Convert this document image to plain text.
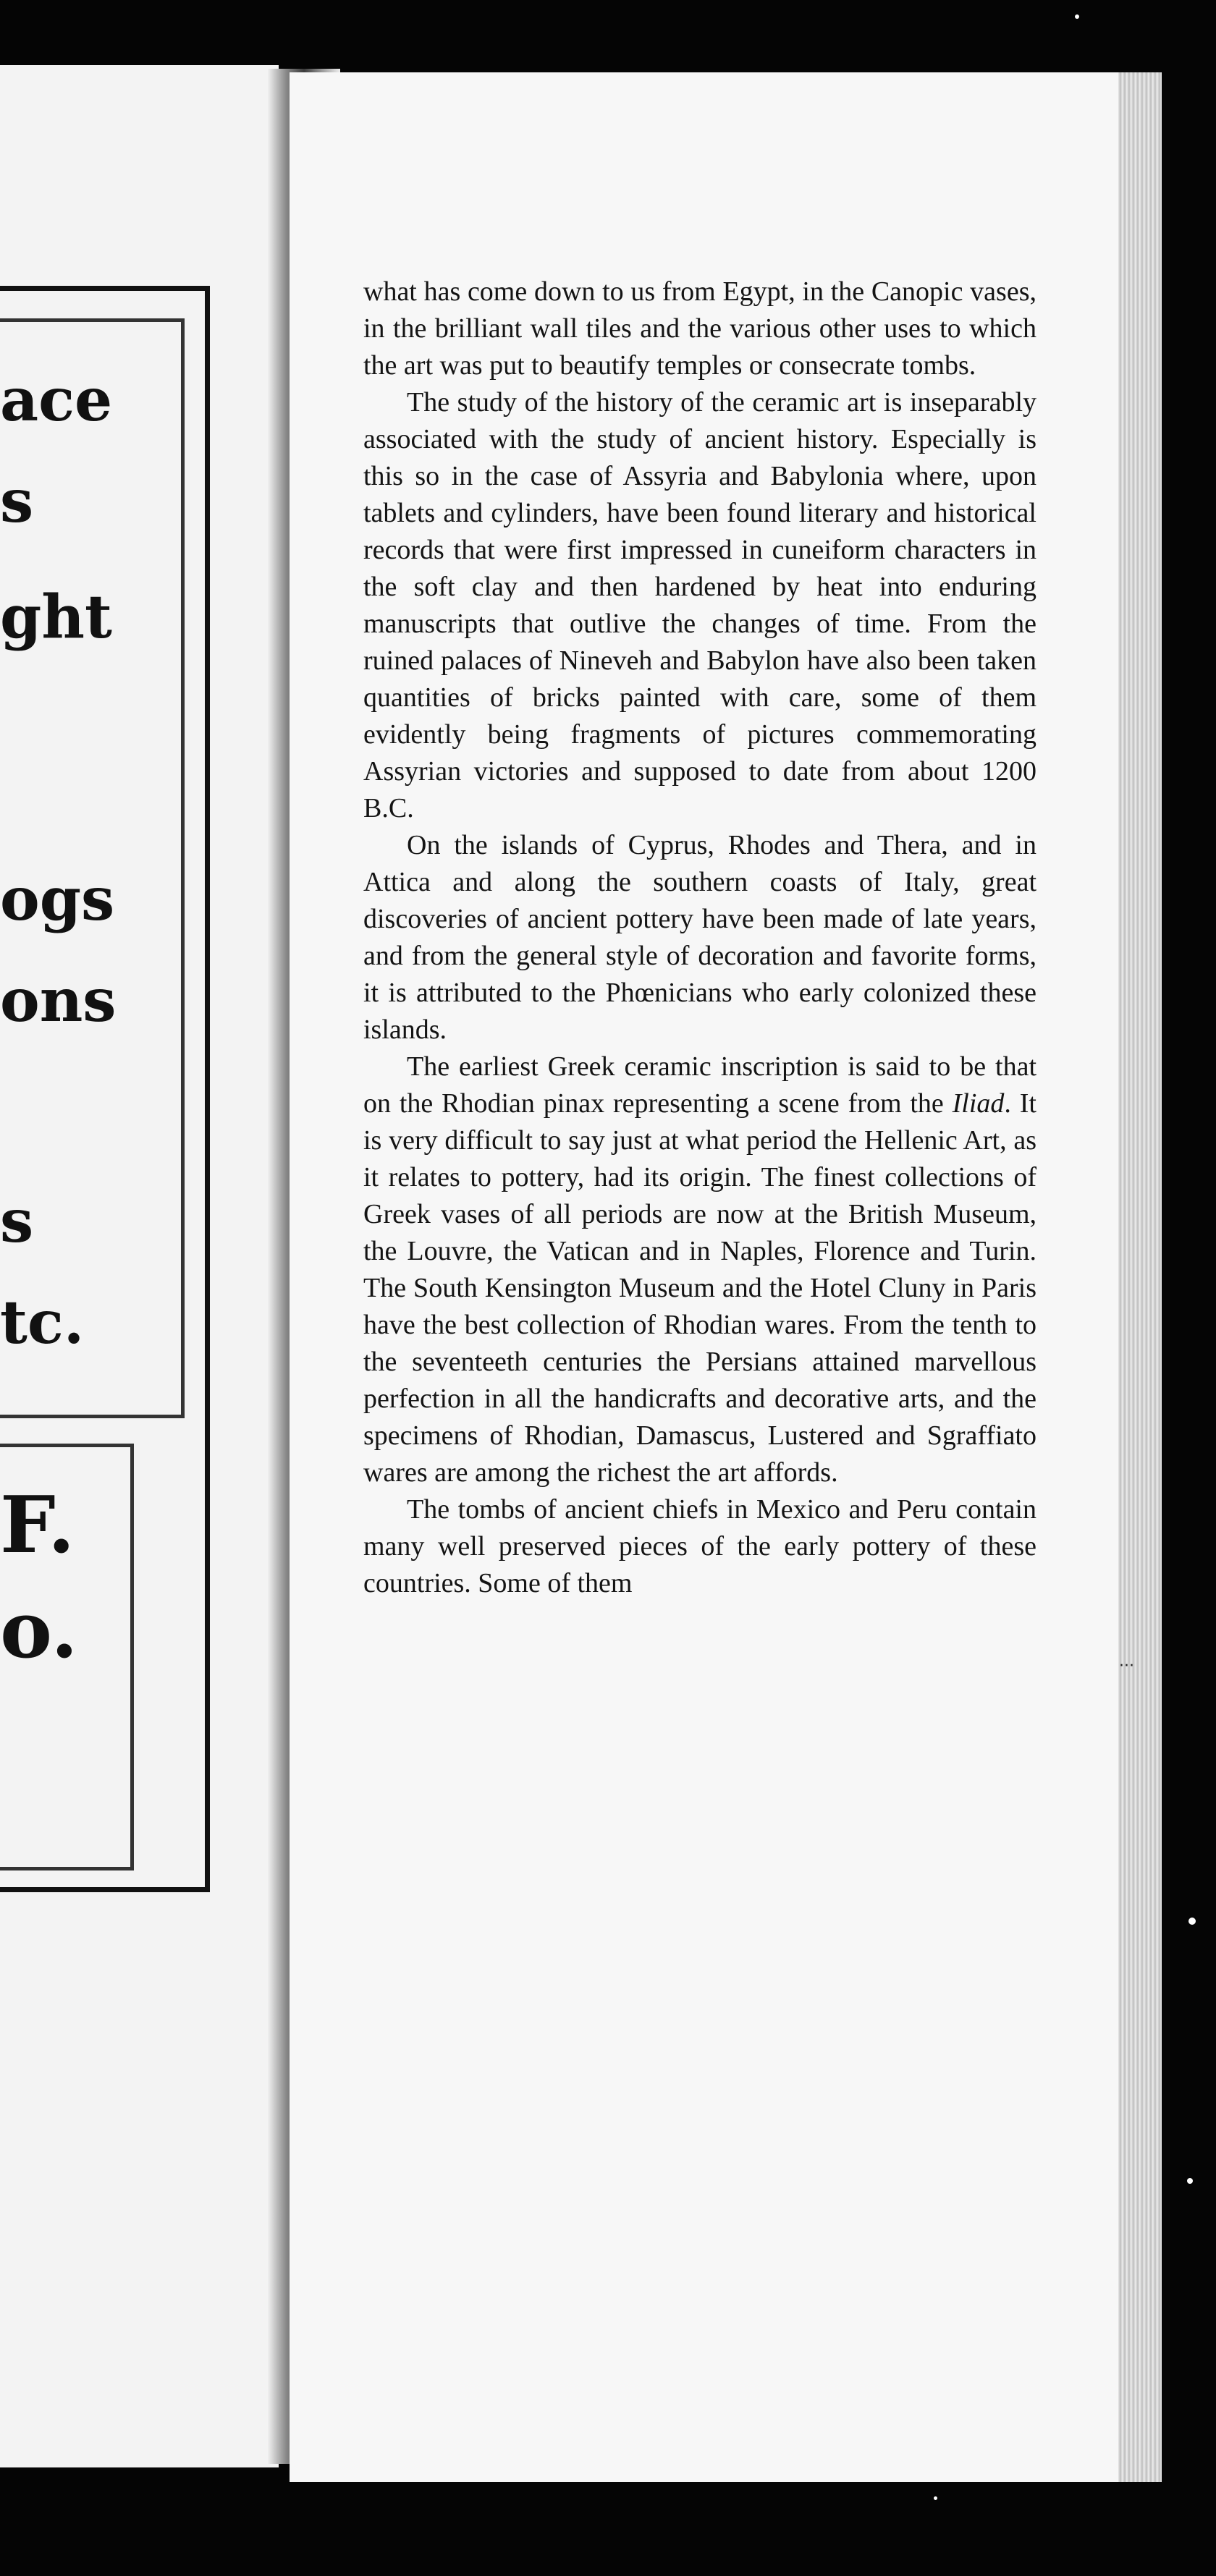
ace

s

ght

ogs

ons

s

tc.

F.

o.

what has come down to us from Egypt, in the Canopic vases, in the brilliant wall tiles and the various other uses to which the art was put to beautify temples or consecrate tombs.

The study of the history of the ceramic art is inseparably associated with the study of ancient history. Especially is this so in the case of Assyria and Babylonia where, upon tablets and cylinders, have been found literary and historical records that were first impressed in cuneiform characters in the soft clay and then hardened by heat into enduring manuscripts that outlive the changes of time. From the ruined palaces of Nineveh and Babylon have also been taken quantities of bricks painted with care, some of them evidently being fragments of pictures commemorating Assyrian victories and supposed to date from about 1200 B.C.

On the islands of Cyprus, Rhodes and Thera, and in Attica and along the southern coasts of Italy, great discoveries of ancient pottery have been made of late years, and from the general style of decoration and favorite forms, it is attributed to the Phœnicians who early colonized these islands.

The earliest Greek ceramic inscription is said to be that on the Rhodian pinax representing a scene from the Iliad. It is very difficult to say just at what period the Hellenic Art, as it relates to pottery, had its origin. The finest collections of Greek vases of all periods are now at the British Museum, the Louvre, the Vatican and in Naples, Florence and Turin. The South Kensington Museum and the Hotel Cluny in Paris have the best collection of Rhodian wares. From the tenth to the seventeeth centuries the Persians attained marvellous perfection in all the handicrafts and decorative arts, and the specimens of Rhodian, Damascus, Lustered and Sgraffiato wares are among the richest the art affords.

The tombs of ancient chiefs in Mexico and Peru contain many well preserved pieces of the early pottery of these countries. Some of them

···
